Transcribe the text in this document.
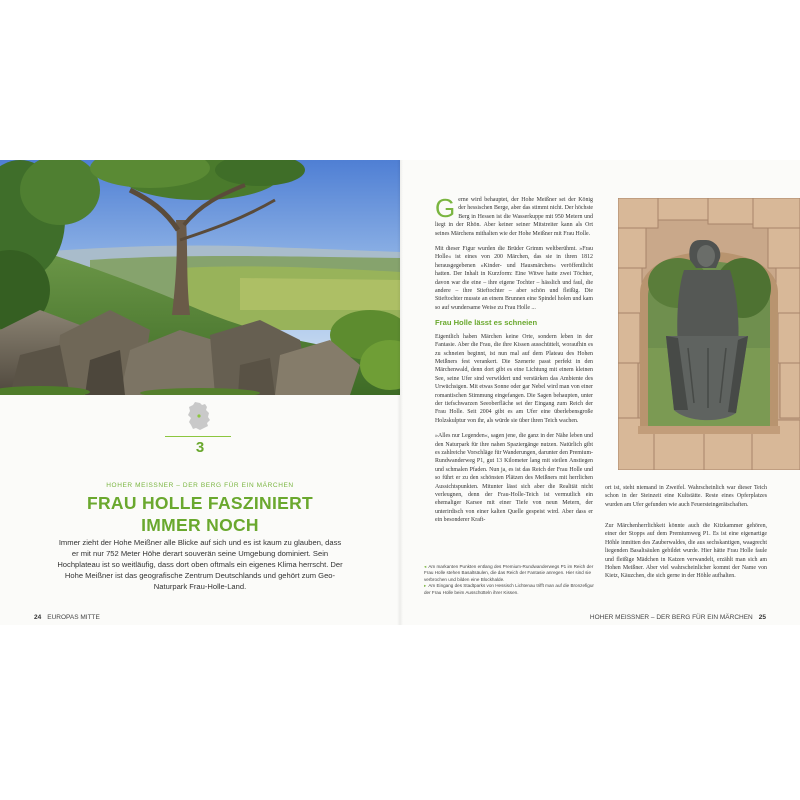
3
HOHER MEISSNER – DER BERG FÜR EIN MÄRCHEN
FRAU HOLLE FASZINIERT
IMMER NOCH
Immer zieht der Hohe Meißner alle Blicke auf sich und es ist kaum zu glauben, dass er mit nur 752 Meter Höhe derart souverän seine Umgebung dominiert. Sein Hochplateau ist so weitläufig, dass dort oben oftmals ein eigenes Klima herrscht. Der Hohe Meißner ist das geografische Zentrum Deutschlands und gehört zum Geo-Naturpark Frau-Holle-Land.
24 EUROPAS MITTE

Gerne wird behauptet, der Hohe Meißner sei der König der hessischen Berge, aber das stimmt nicht. Der höchste Berg in Hessen ist die Wasserkuppe mit 950 Metern und liegt in der Rhön. Aber keiner seiner Mitstreiter kann als Ort seines Märchens mithalten wie der Hohe Meißner mit Frau Holle.

Mit dieser Figur wurden die Brüder Grimm weltberühmt. »Frau Holle« ist eines von 200 Märchen, das sie in ihren 1812 herausgegebenen »Kinder- und Hausmärchen« veröffentlicht hatten. Der Inhalt in Kurzform: Eine Witwe hatte zwei Töchter, davon war die eine – ihre eigene Tochter – hässlich und faul, die andere – ihre Stieftochter – aber schön und fleißig. Die Stieftochter musste an einem Brunnen eine Spindel holen und kam so auf wundersame Weise zu Frau Holle ...

Frau Holle lässt es schneien

Eigentlich haben Märchen keine Orte, sondern leben in der Fantasie. Aber die Frau, die ihre Kissen ausschüttelt, woraufhin es zu schneien beginnt, ist nun mal auf dem Plateau des Hohen Meißners fest verankert. Die Szenerie passt perfekt in den Märchenwald, denn dort gibt es eine Lichtung mit einem kleinen See, seine Ufer sind verwildert und verstärken das Ambiente des Urwüchsigen. Mit etwas Sonne oder gar Nebel wird man von einer romantischen Stimmung eingefangen. Die Sagen behaupten, unter der tiefschwarzen Seeoberfläche sei der Eingang zum Reich der Frau Holle. Seit 2004 gibt es am Ufer eine überlebensgroße Holzskulptur von ihr, als würde sie über ihren Teich wachen.

»Alles nur Legenden«, sagen jene, die ganz in der Nähe leben und den Naturpark für ihre nahen Spaziergänge nutzen. Natürlich gibt es zahlreiche Vorschläge für Wanderungen, darunter den Premium-Rundwanderweg P1, gut 13 Kilometer lang mit steilen Anstiegen und schmalen Pfaden. Nun ja, es ist das Reich der Frau Holle und so führt er zu den schönsten Plätzen des Meißners mit herrlichen Aussichtspunkten. Mitunter lässt sich aber die Realität nicht verleugnen, denn der Frau-Holle-Teich ist vermutlich ein ehemaliger Karsee mit einer Tiefe von neun Metern, der unterirdisch von einer kalten Quelle gespeist wird. Aber dass er ein besonderer Kraft-

◂ Am markanten Punkten entlang des Premium-Rundwanderwegs P1 im Reich der Frau Holle stehen Basaltsäulen, die das Reich der Fantasie anregen. Hier sind sie verbrochen und bilden eine Blockhalde.

▸ Am Eingang des Stadtparks von Hessisch Lichtenau trifft man auf die Bronzefigur der Frau Holle beim Ausschütteln ihrer Kissen.

ort ist, steht niemand in Zweifel. Wahrscheinlich war dieser Teich schon in der Steinzeit eine Kultstätte. Reste eines Opferplatzes wurden am Ufer gefunden wie auch Feuersteingerätschaften.

Zur Märchenherrlichkeit könnte auch die Kitzkammer gehören, einer der Stopps auf dem Premiumweg P1. Es ist eine eigenartige Höhle inmitten des Zauberwaldes, die aus sechskantigen, waagrecht liegenden Basaltsäulen gebildet wurde. Hier hätte Frau Holle faule und fleißige Mädchen in Katzen verwandelt, erzählt man sich am Hohen Meißner. Aber viel wahrscheinlicher kommt der Name von Kietz, Käuzchen, die sich gerne in der Höhle aufhalten.

HOHER MEISSNER – DER BERG FÜR EIN MÄRCHEN 25
